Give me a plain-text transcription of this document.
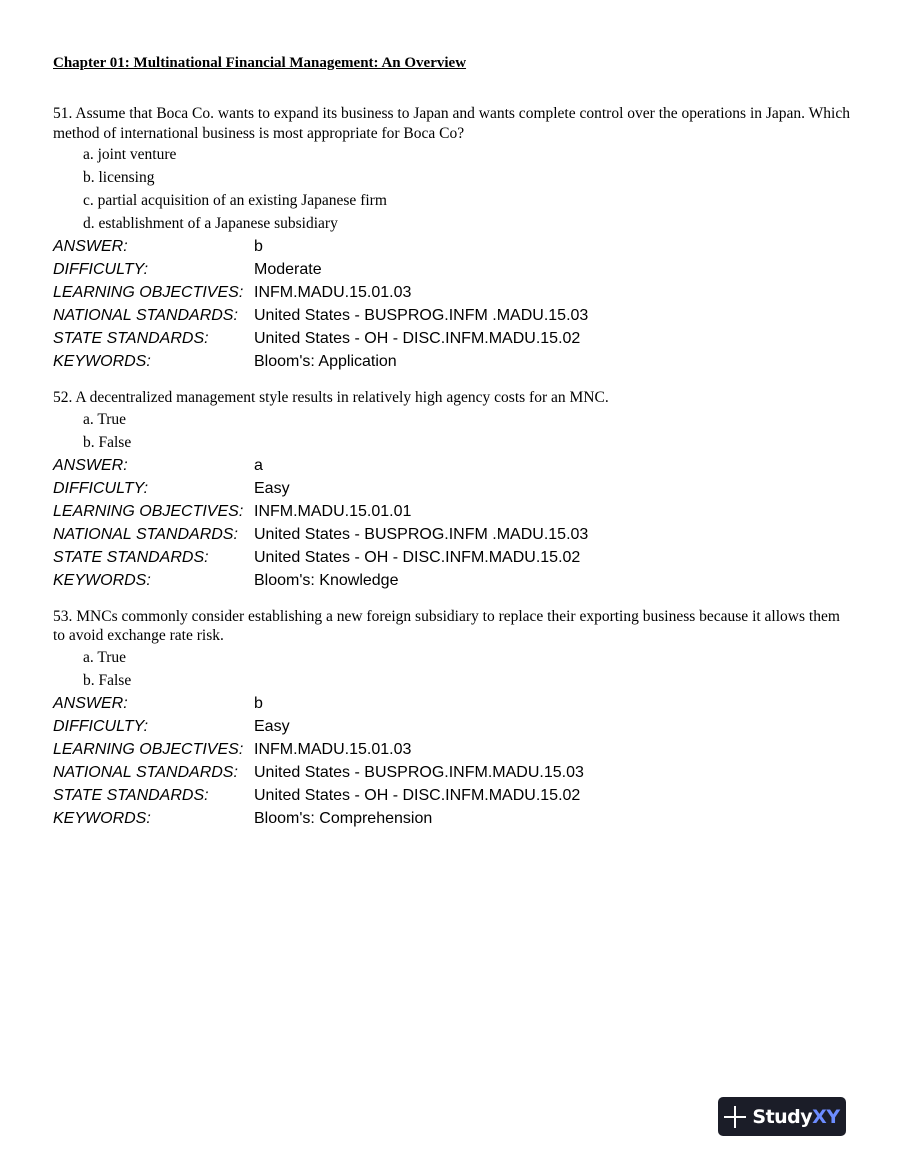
Chapter 01: Multinational Financial Management: An Overview

51. Assume that Boca Co. wants to expand its business to Japan and wants complete control over the operations in Japan. Which method of international business is most appropriate for Boca Co?

a. joint venture
b. licensing
c. partial acquisition of an existing Japanese firm
d. establishment of a Japanese subsidiary
ANSWER:	b
DIFFICULTY:	Moderate
LEARNING OBJECTIVES:	INFM.MADU.15.01.03
NATIONAL STANDARDS:	United States - BUSPROG.INFM .MADU.15.03
STATE STANDARDS:	United States - OH - DISC.INFM.MADU.15.02
KEYWORDS:	Bloom's: Application

52. A decentralized management style results in relatively high agency costs for an MNC.

a. True
b. False
ANSWER:	a
DIFFICULTY:	Easy
LEARNING OBJECTIVES:	INFM.MADU.15.01.01
NATIONAL STANDARDS:	United States - BUSPROG.INFM .MADU.15.03
STATE STANDARDS:	United States - OH - DISC.INFM.MADU.15.02
KEYWORDS:	Bloom's: Knowledge

53. MNCs commonly consider establishing a new foreign subsidiary to replace their exporting business because it allows them to avoid exchange rate risk.

a. True
b. False
ANSWER:	b
DIFFICULTY:	Easy
LEARNING OBJECTIVES:	INFM.MADU.15.01.03
NATIONAL STANDARDS:	United States - BUSPROG.INFM.MADU.15.03
STATE STANDARDS:	United States - OH - DISC.INFM.MADU.15.02
KEYWORDS:	Bloom's: Comprehension
StudyXY
